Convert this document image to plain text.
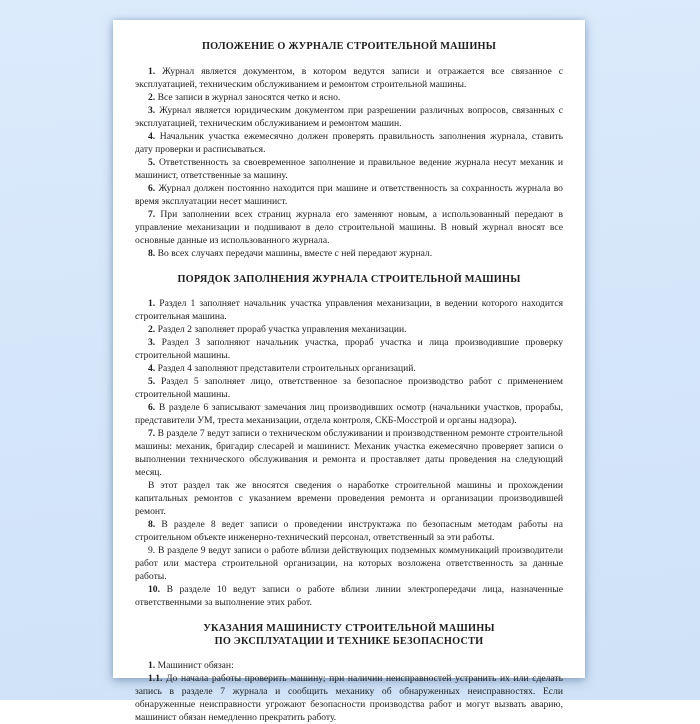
ПОЛОЖЕНИЕ О ЖУРНАЛЕ СТРОИТЕЛЬНОЙ МАШИНЫ

1. Журнал является документом, в котором ведутся записи и отражается все связанное с эксплуатацией, техническим обслуживанием и ремонтом строительной машины.

2. Все записи в журнал заносятся четко и ясно.

3. Журнал является юридическим документом при разрешении различных вопросов, связанных с эксплуатацией, техническим обслуживанием и ремонтом машин.

4. Начальник участка ежемесячно должен проверять правильность заполнения журнала, ставить дату проверки и расписываться.

5. Ответственность за своевременное заполнение и правильное ведение журнала несут механик и машинист, ответственные за машину.

6. Журнал должен постоянно находится при машине и ответственность за сохранность журнала во время эксплуатации несет машинист.

7. При заполнении всех страниц журнала его заменяют новым, а использованный передают в управление механизации и подшивают в дело строительной машины. В новый журнал вносят все основные данные из использованного журнала.

8. Во всех случаях передачи машины, вместе с ней передают журнал.

ПОРЯДОК ЗАПОЛНЕНИЯ ЖУРНАЛА СТРОИТЕЛЬНОЙ МАШИНЫ

1. Раздел 1 заполняет начальник участка управления механизации, в ведении которого находится строительная машина.

2. Раздел 2 заполняет прораб участка управления механизации.

3. Раздел 3 заполняют начальник участка, прораб участка и лица производившие проверку строительной машины.

4. Раздел 4 заполняют представители строительных организаций.

5. Раздел 5 заполняет лицо, ответственное за безопасное производство работ с применением строительной машины.

6. В разделе 6 записывают замечания лиц производивших осмотр (начальники участков, прорабы, представители УМ, треста механизации, отдела контроля, СКБ-Мосстрой и органы надзора).

7. В разделе 7 ведут записи о техническом обслуживании и производственном ремонте строительной машины: механик, бригадир слесарей и машинист. Механик участка ежемесячно проверяет записи о выполнении технического обслуживания и ремонта и проставляет даты проведения на следующий месяц.

В этот раздел так же вносятся сведения о наработке строительной машины и прохождении капитальных ремонтов с указанием времени проведения ремонта и организации производившей ремонт.

8. В разделе 8 ведет записи о проведении инструктажа по безопасным методам работы на строительном объекте инженерно-технический персонал, ответственный за эти работы.

9. В разделе 9 ведут записи о работе вблизи действующих подземных коммуникаций производители работ или мастера строительной организации, на которых возложена ответственность за данные работы.

10. В разделе 10 ведут записи о работе вблизи линии электропередачи лица, назначенные ответственными за выполнение этих работ.

УКАЗАНИЯ МАШИНИСТУ СТРОИТЕЛЬНОЙ МАШИНЫ
ПО ЭКСПЛУАТАЦИИ И ТЕХНИКЕ БЕЗОПАСНОСТИ

1. Машинист обязан:

1.1. До начала работы проверить машину; при наличии неисправностей устранить их или сделать запись в разделе 7 журнала и сообщить механику об обнаруженных неисправностях. Если обнаруженные неисправности угрожают безопасности производства работ и могут вызвать аварию, машинист обязан немедленно прекратить работу.
